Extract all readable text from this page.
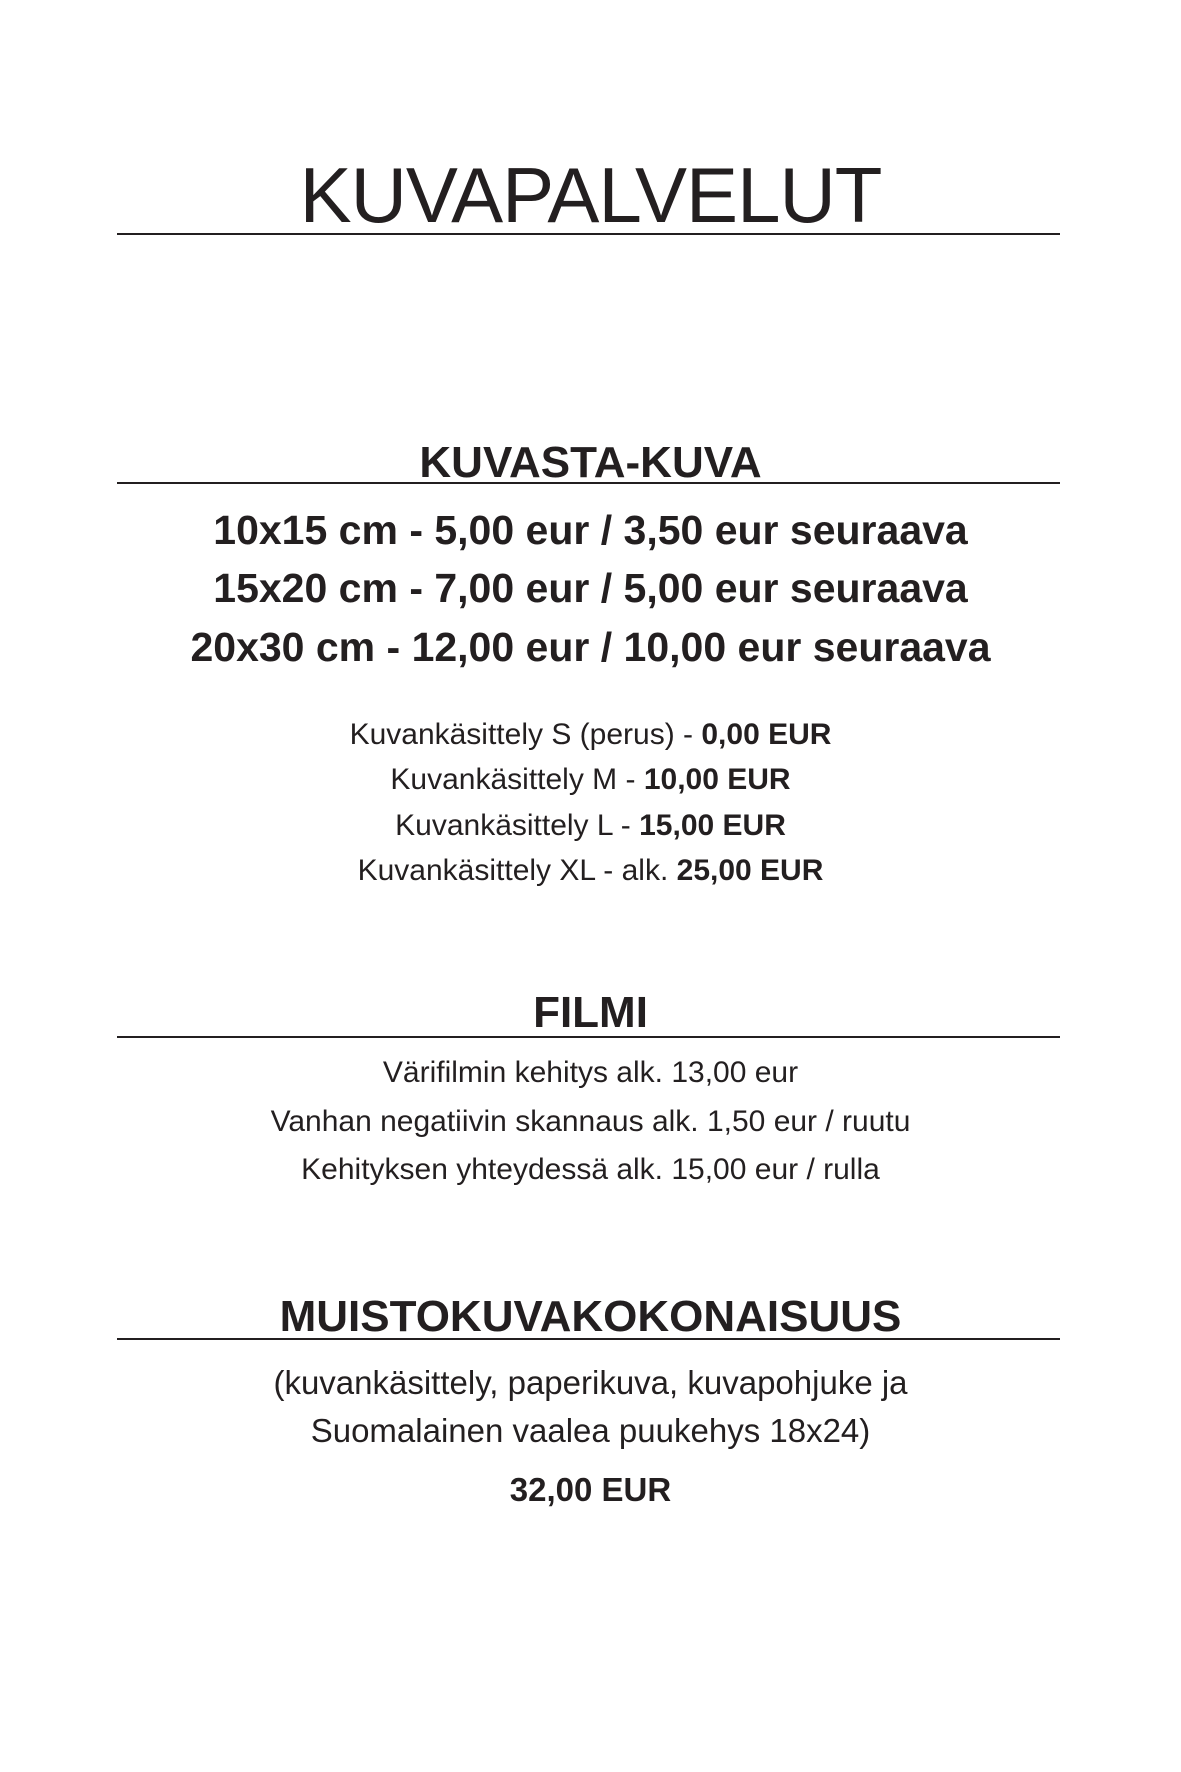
KUVAPALVELUT
KUVASTA-KUVA
10x15 cm - 5,00 eur / 3,50 eur seuraava
15x20 cm - 7,00 eur / 5,00 eur seuraava
20x30 cm - 12,00 eur / 10,00 eur seuraava
Kuvankäsittely S (perus) - 0,00 EUR
Kuvankäsittely M - 10,00 EUR
Kuvankäsittely L - 15,00 EUR
Kuvankäsittely XL - alk. 25,00 EUR
FILMI
Värifilmin kehitys alk. 13,00 eur
Vanhan negatiivin skannaus alk. 1,50 eur / ruutu
Kehityksen yhteydessä alk. 15,00 eur / rulla
MUISTOKUVAKOKONAISUUS
(kuvankäsittely, paperikuva, kuvapohjuke ja
Suomalainen vaalea puukehys 18x24)
32,00 EUR
